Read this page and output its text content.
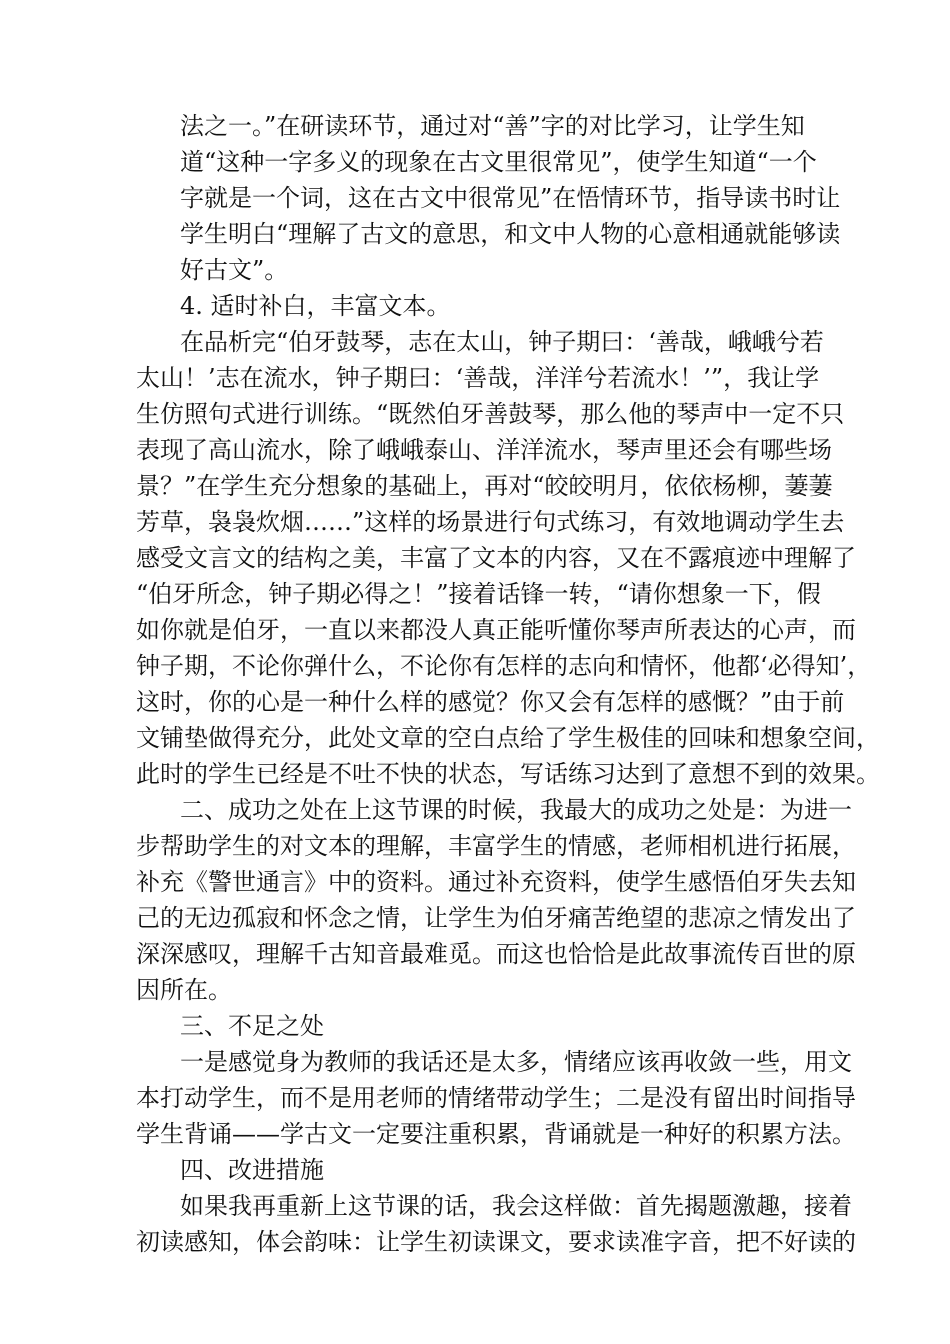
法之一。”在研读环节，通过对“善”字的对比学习，让学生知
道“这种一字多义的现象在古文里很常见”，使学生知道“一个
字就是一个词，这在古文中很常见”在悟情环节，指导读书时让
学生明白“理解了古文的意思，和文中人物的心意相通就能够读
好古文”。
4. 适时补白，丰富文本。
在品析完“伯牙鼓琴，志在太山，钟子期曰：‘善哉，峨峨兮若
太山！’志在流水，钟子期曰：‘善哉，洋洋兮若流水！’”，我让学
生仿照句式进行训练。“既然伯牙善鼓琴，那么他的琴声中一定不只
表现了高山流水，除了峨峨泰山、洋洋流水，琴声里还会有哪些场
景？”在学生充分想象的基础上，再对“皎皎明月，依依杨柳，萋萋
芳草，袅袅炊烟……”这样的场景进行句式练习，有效地调动学生去
感受文言文的结构之美，丰富了文本的内容，又在不露痕迹中理解了
“伯牙所念，钟子期必得之！”接着话锋一转，“请你想象一下，假
如你就是伯牙，一直以来都没人真正能听懂你琴声所表达的心声，而
钟子期，不论你弹什么，不论你有怎样的志向和情怀，他都‘必得知’，
这时，你的心是一种什么样的感觉？你又会有怎样的感慨？”由于前
文铺垫做得充分，此处文章的空白点给了学生极佳的回味和想象空间，
此时的学生已经是不吐不快的状态，写话练习达到了意想不到的效果。
二、成功之处在上这节课的时候，我最大的成功之处是：为进一
步帮助学生的对文本的理解，丰富学生的情感，老师相机进行拓展，
补充《警世通言》中的资料。通过补充资料，使学生感悟伯牙失去知
己的无边孤寂和怀念之情，让学生为伯牙痛苦绝望的悲凉之情发出了
深深感叹，理解千古知音最难觅。而这也恰恰是此故事流传百世的原
因所在。
三、不足之处
一是感觉身为教师的我话还是太多，情绪应该再收敛一些，用文
本打动学生，而不是用老师的情绪带动学生；二是没有留出时间指导
学生背诵——学古文一定要注重积累，背诵就是一种好的积累方法。
四、改进措施
如果我再重新上这节课的话，我会这样做：首先揭题激趣，接着
初读感知，体会韵味：让学生初读课文，要求读准字音，把不好读的
